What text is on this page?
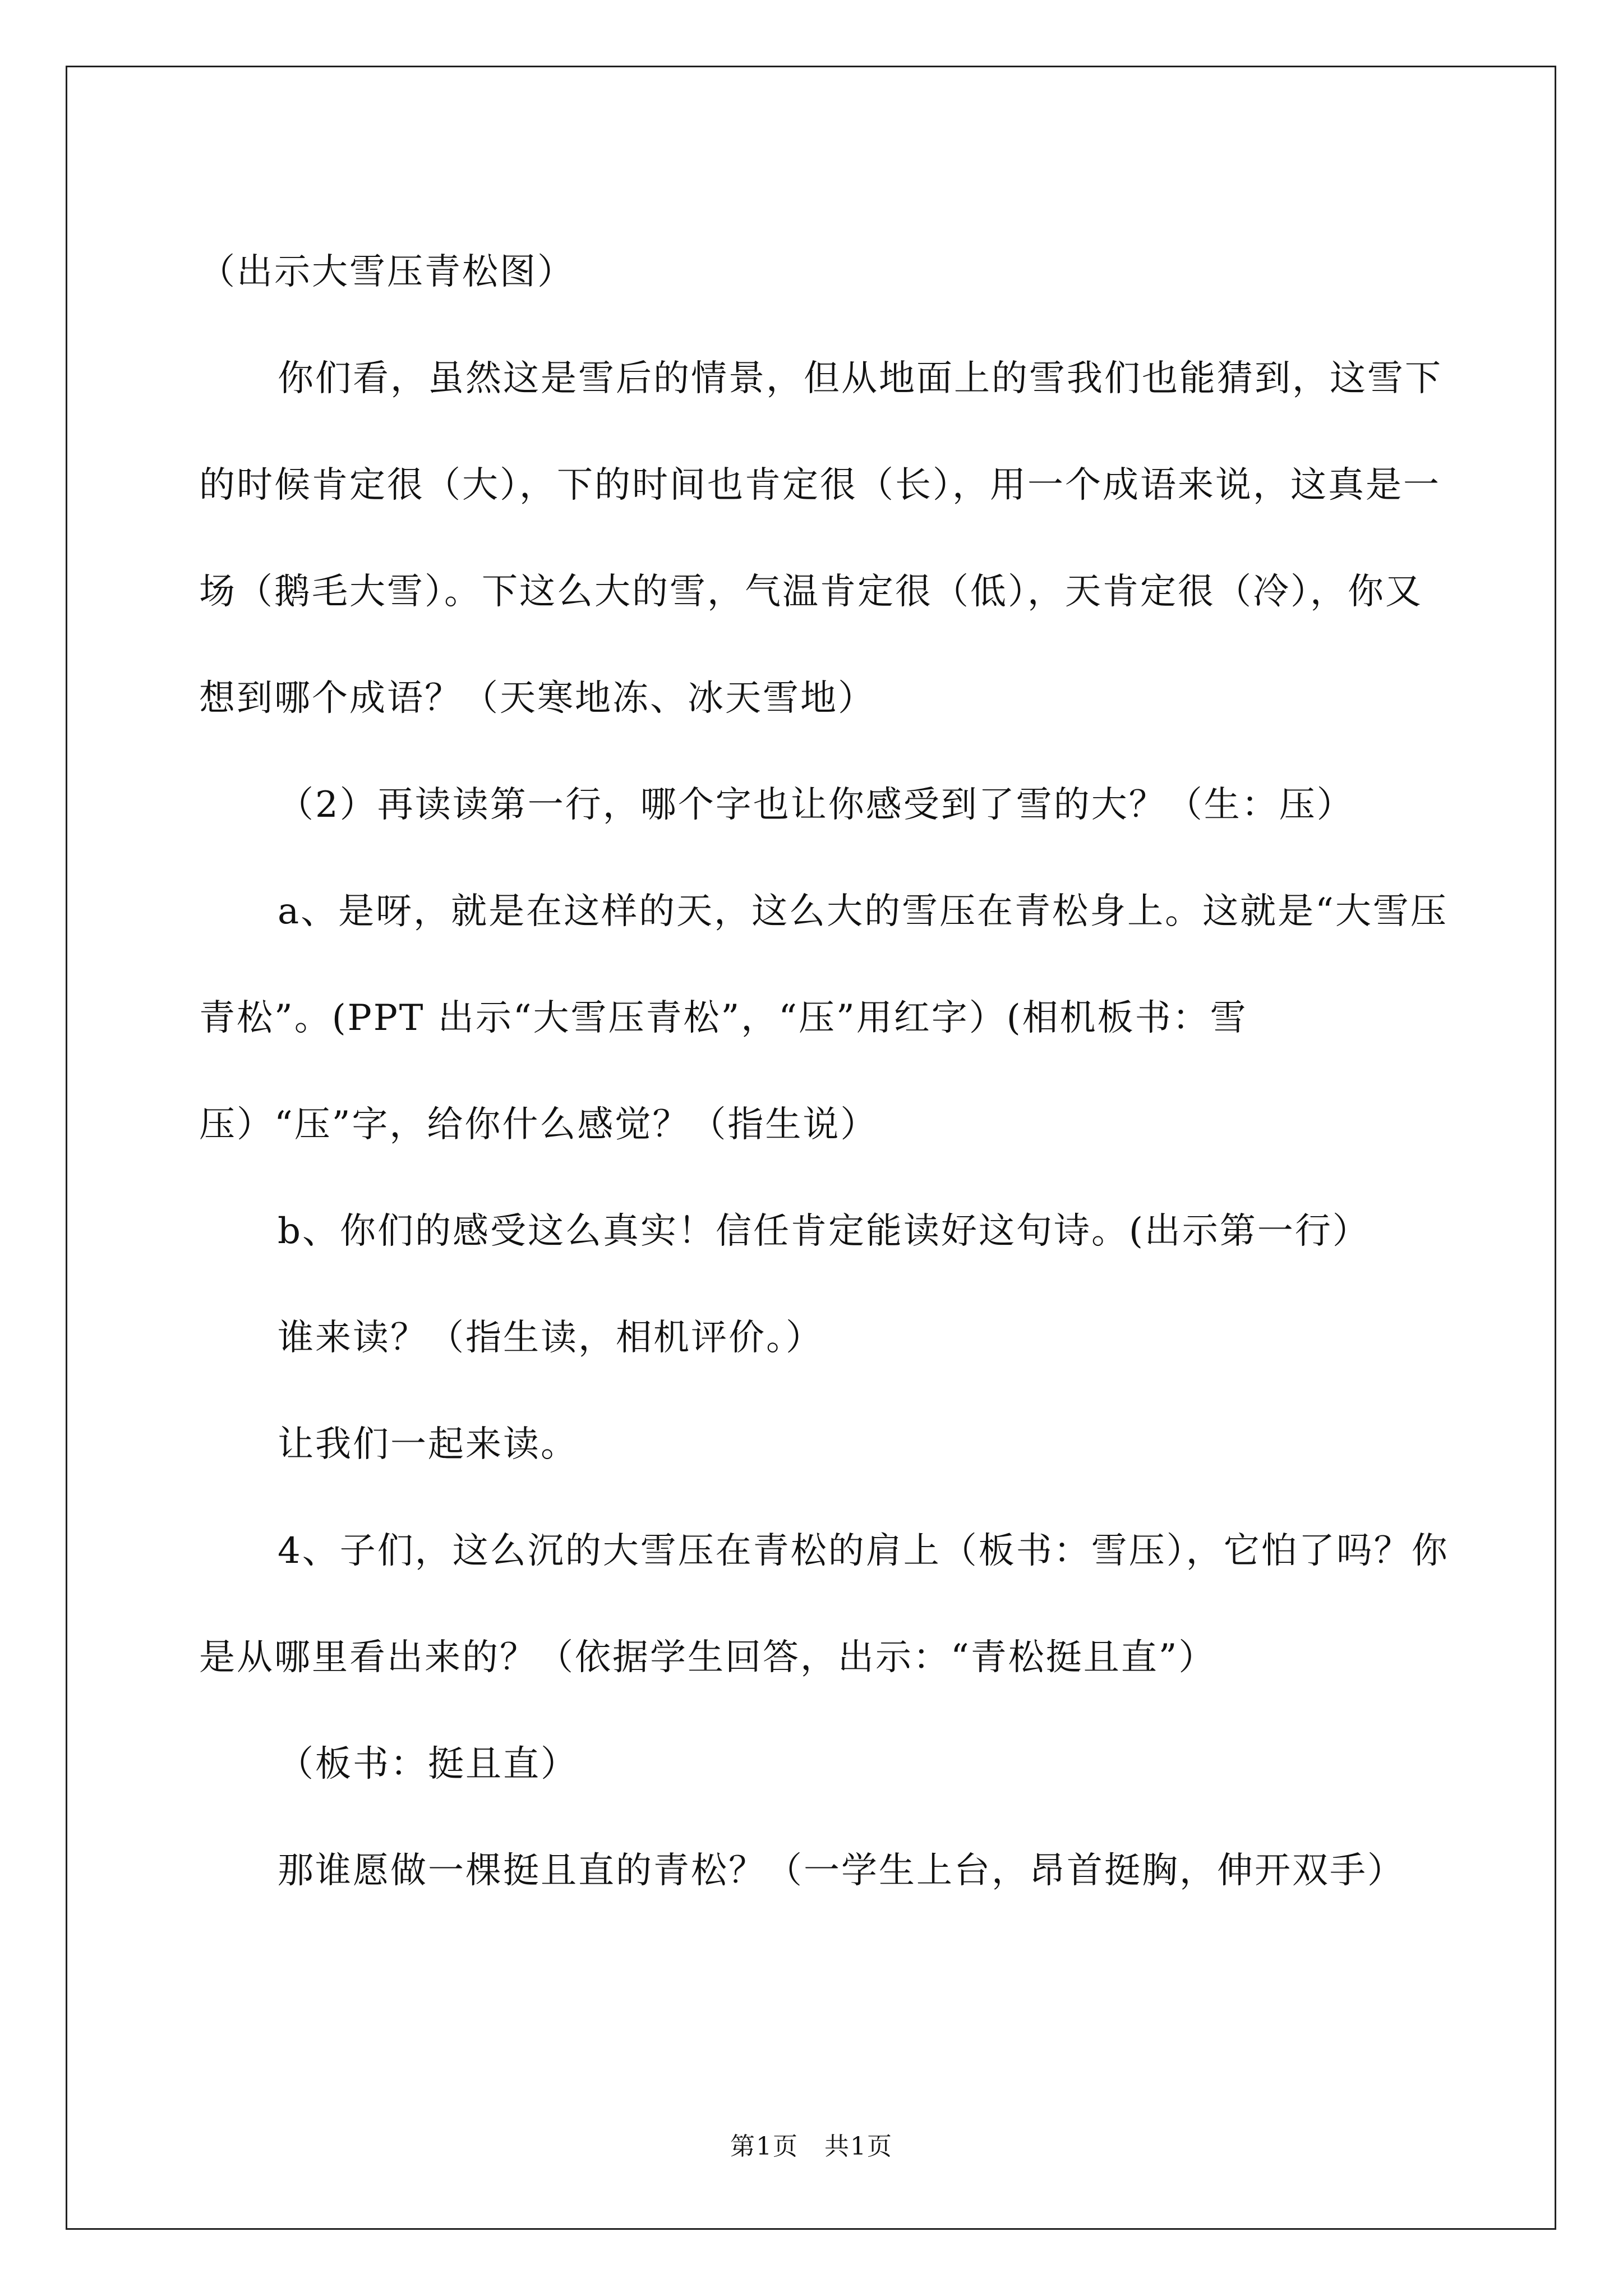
（出示大雪压青松图）

你们看，虽然这是雪后的情景，但从地面上的雪我们也能猜到，这雪下的时候肯定很（大），下的时间也肯定很（长），用一个成语来说，这真是一场（鹅毛大雪）。下这么大的雪，气温肯定很（低），天肯定很（冷），你又想到哪个成语？（天寒地冻、冰天雪地）

（2）再读读第一行，哪个字也让你感受到了雪的大？（生：压）

a、是呀，就是在这样的天，这么大的雪压在青松身上。这就是“大雪压青松”。(PPT 出示“大雪压青松”，“压”用红字）(相机板书：雪压）“压”字，给你什么感觉？（指生说）

b、你们的感受这么真实！信任肯定能读好这句诗。(出示第一行）

谁来读？（指生读，相机评价。）

让我们一起来读。

4、子们，这么沉的大雪压在青松的肩上（板书：雪压），它怕了吗？你是从哪里看出来的？（依据学生回答，出示：“青松挺且直”）

（板书：挺且直）

那谁愿做一棵挺且直的青松？（一学生上台，昂首挺胸，伸开双手）

第1页　共1页
